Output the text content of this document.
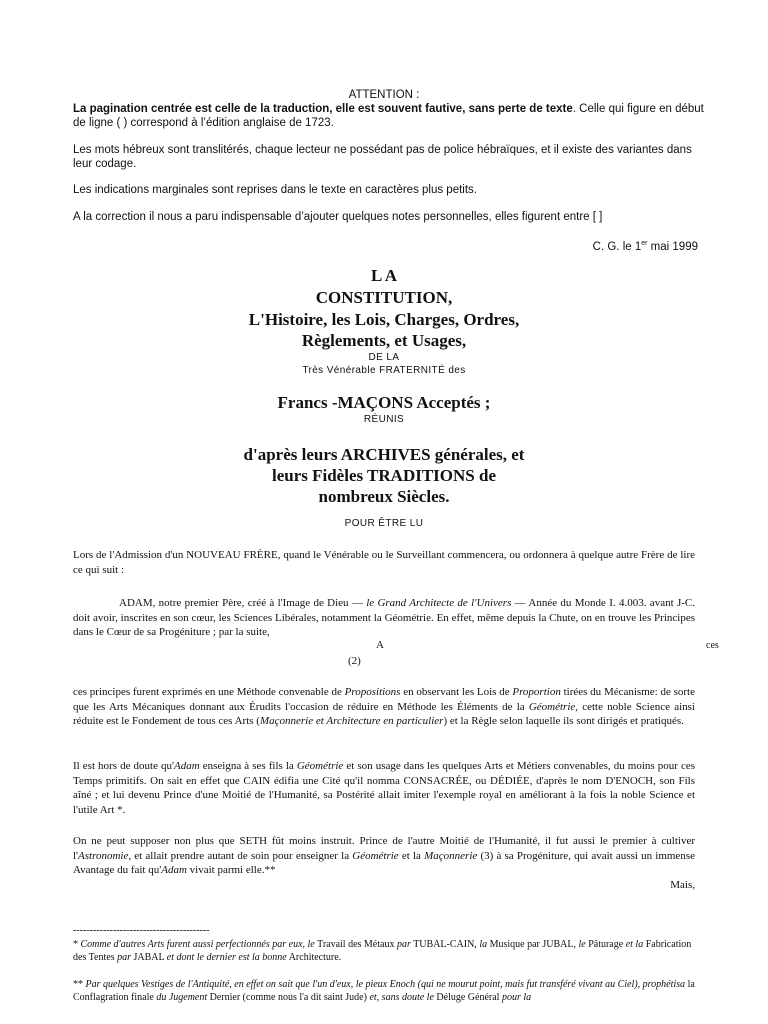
ATTENTION :
La pagination centrée est celle de la traduction, elle est souvent fautive, sans perte de texte. Celle qui figure en début de ligne ( ) correspond à l’édition anglaise de 1723.
Les mots hébreux sont translitérés, chaque lecteur ne possédant pas de police hébraïques, et il existe des variantes dans leur codage.
Les indications marginales sont reprises dans le texte en caractères plus petits.
A la correction il nous a paru indispensable d’ajouter quelques notes personnelles, elles figurent entre [ ]
C. G. le 1er mai 1999
L A
CONSTITUTION,
L'Histoire, les Lois, Charges, Ordres,
Règlements, et Usages,
DE LA
Très Vénérable FRATERNITÉ des
Francs -MAÇONS Acceptés ;
RÉUNIS
d'après leurs ARCHIVES générales, et
leurs Fidèles TRADITIONS de
nombreux Siècles.
POUR ÊTRE LU
Lors de l'Admission d'un NOUVEAU FRÈRE, quand le Vénérable ou le Surveillant commencera, ou ordonnera à quelque autre Frère de lire ce qui suit :
ADAM, notre premier Père, créé à l'Image de Dieu — le Grand Architecte de l'Univers — Année du Monde I. 4.003. avant J-C. doit avoir, inscrites en son cœur, les Sciences Libérales, notamment la Géométrie. En effet, même depuis la Chute, on en trouve les Principes dans le Cœur de sa Progéniture ; par la suite,
A	ces
(2)
ces principes furent exprimés en une Méthode convenable de Propositions en observant les Lois de Proportion tirées du Mécanisme: de sorte que les Arts Mécaniques donnant aux Érudits l'occasion de réduire en Méthode les Éléments de la Géométrie, cette noble Science ainsi réduite est le Fondement de tous ces Arts (Maçonnerie et Architecture en particulier) et la Règle selon laquelle ils sont dirigés et pratiqués.
Il est hors de doute qu'Adam enseigna à ses fils la Géométrie et son usage dans les quelques Arts et Métiers convenables, du moins pour ces Temps primitifs. On sait en effet que CAIN édifia une Cité qu'il nomma CONSACRÉE, ou DÉDIÉE, d'après le nom D'ENOCH, son Fils aîné ; et lui devenu Prince d'une Moitié de l'Humanité, sa Postérité allait imiter l'exemple royal en améliorant à la fois la noble Science et l'utile Art *.
On ne peut supposer non plus que SETH fût moins instruit. Prince de l'autre Moitié de l'Humanité, il fut aussi le premier à cultiver l'Astronomie, et allait prendre autant de soin pour enseigner la Géométrie et la Maçonnerie (3) à sa Progéniture, qui avait aussi un immense Avantage du fait qu'Adam vivait parmi elle.**
Mais,
-----------------------------------------
* Comme d'autres Arts furent aussi perfectionnés par eux, le Travail des Métaux par TUBAL-CAIN, la Musique par JUBAL, le Pâturage et la Fabrication des Tentes par JABAL et dont le dernier est la bonne Architecture.
** Par quelques Vestiges de l'Antiquité, en effet on sait que l'un d'eux, le pieux Enoch (qui ne mourut point, mais fut transféré vivant au Ciel), prophétisa la Conflagration finale du Jugement Dernier (comme nous l'a dit saint Jude) et, sans doute le Déluge Général pour la
